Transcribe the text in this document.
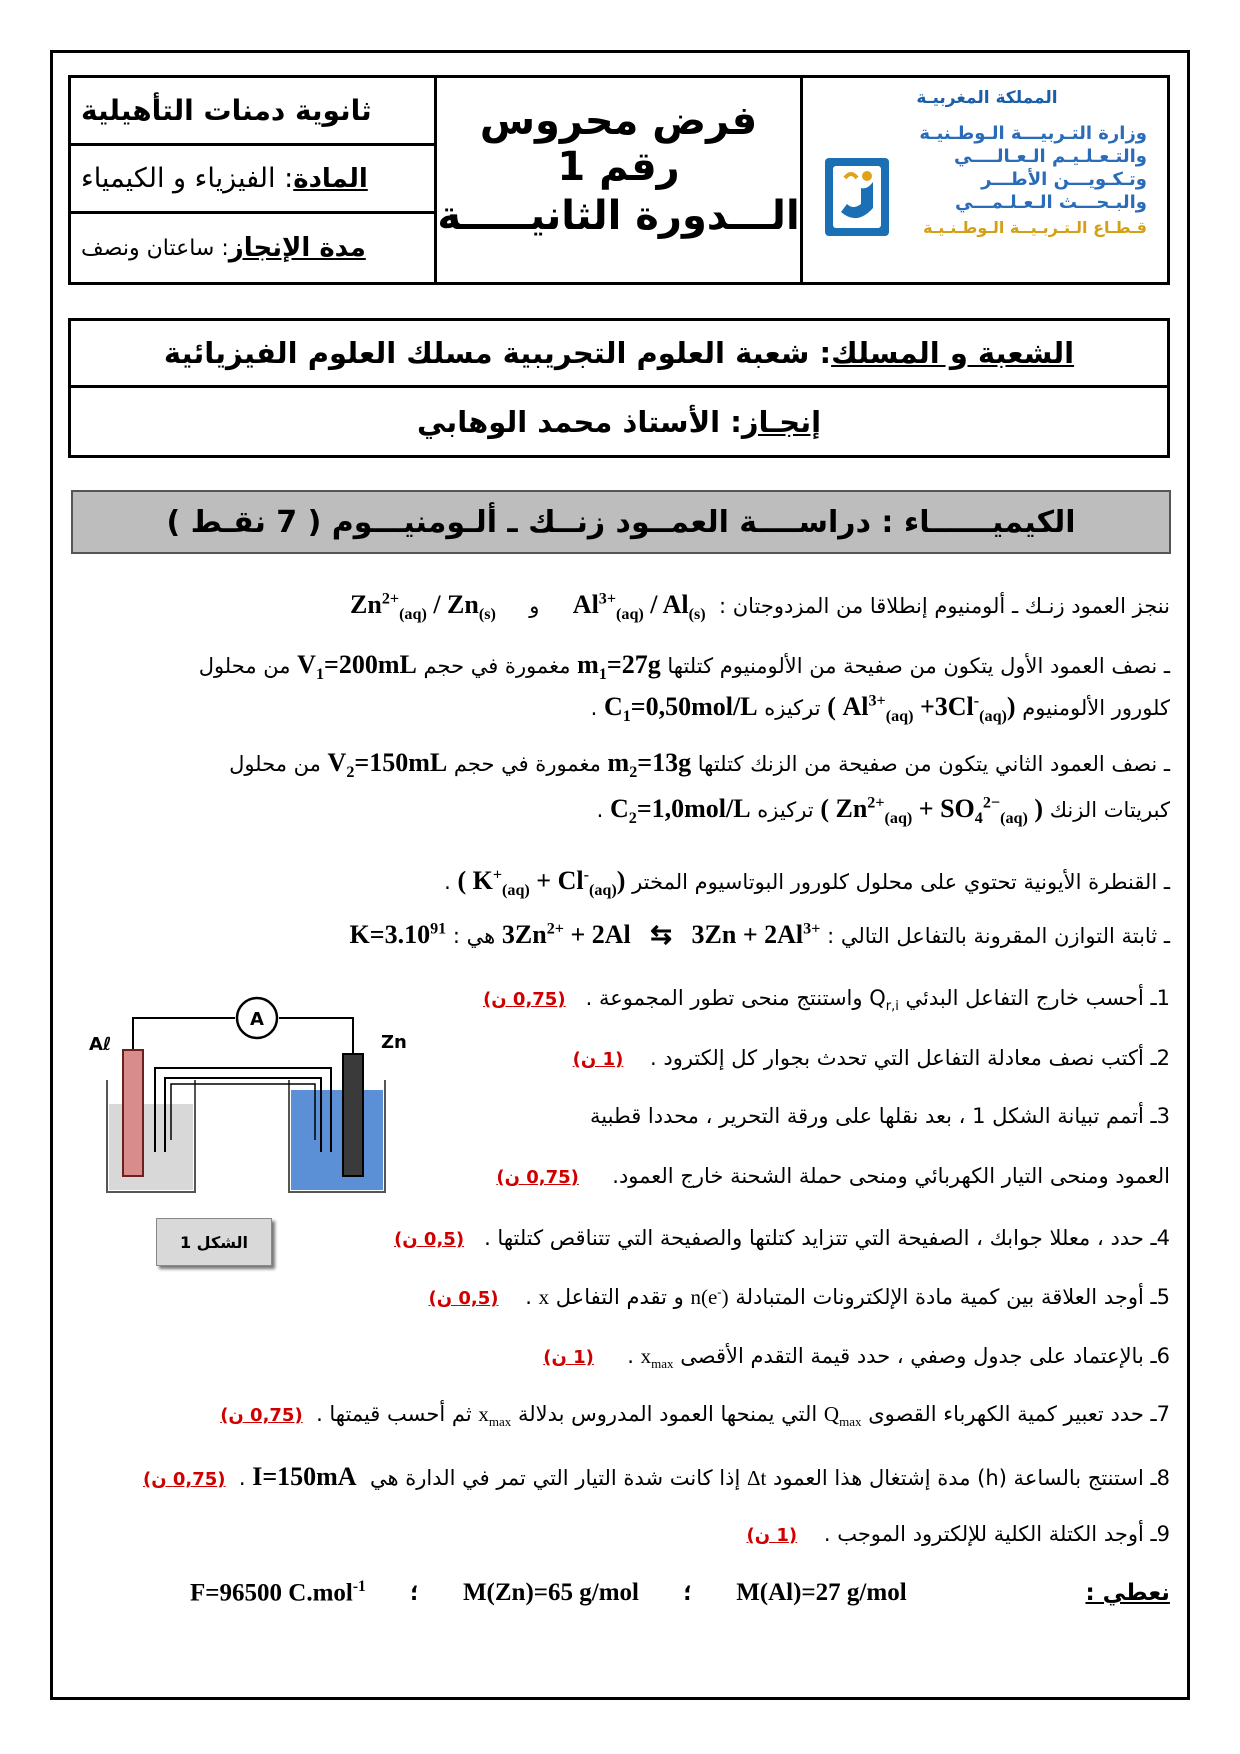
ثانوية دمنات التأهيلية
المادة
: الفيزياء و الكيمياء
مدة الإنجاز
: ساعتان ونصف
فرض محروس رقم 1
الـــدورة الثانيـــــة
المملكة المغربيـة
وزارة التـربيـــة الـوطـنيـة
والتـعـلـيـم الـعـالــــي
وتـكـويـــن الأطـــر
والبـحـــث الـعـلـمـــي
قـطـاع الـتـربـيــة الـوطـنـيـة
الشعبة و المسلك
: شعبة العلوم التجريبية مسلك العلوم الفيزيائية
إنجـاز
: الأستاذ محمد الوهابي
الكيميــــــاء : دراســــة العمــود زنــك ـ ألـومنيـــوم ( 7 نقـط )
ننجز العمود زنـك ـ ألومنيوم إنطلاقا من المزدوجتان :  $Al^{3+}_{(aq)} / Al_{(s)}$     و     $Zn^{2+}_{(aq)} / Zn_{(s)}$
ـ نصف العمود الأول يتكون من صفيحة من الألومنيوم كتلتها $m_1=27g$ مغمورة في حجم $V_1=200mL$ من محلول
كلورور الألومنيوم ($Al^{3+}_{(aq)} +3Cl^-_{(aq)}$ ) تركيزه $C_1=0,50mol/L$ .
ـ نصف العمود الثاني يتكون من صفيحة من الزنك كتلتها $m_2=13g$ مغمورة في حجم $V_2=150mL$ من محلول
كبريتات الزنك ( $Zn^{2+}_{(aq)} + SO_4^{2-}_{(aq)}$ ) تركيزه $C_2=1,0mol/L$ .
ـ القنطرة الأيونية تحتوي على محلول كلورور البوتاسيوم المختر ($K^+_{(aq)} + Cl^-_{(aq)}$ ) .
ـ ثابتة التوازن المقرونة بالتفاعل التالي : $3Zn^{2+} + 2Al$   ⇆   $3Zn + 2Al^{3+}$ هي : $K=3.10^{91}$
1ـ أحسب خارج التفاعل البدئي $Q_{r,i}$ واستنتج منحى تطور المجموعة .   (0,75 ن)
2ـ أكتب نصف معادلة التفاعل التي تحدث بجوار كل إلكترود .    (1 ن)
3ـ أتمم تبيانة الشكل 1 ، بعد نقلها على ورقة التحرير ، محددا قطبية
العمود ومنحى التيار الكهربائي ومنحى حملة الشحنة خارج العمود.     (0,75 ن)
4ـ حدد ، معللا جوابك ، الصفيحة التي تتزايد كتلتها والصفيحة التي تتناقص كتلتها .   (0,5 ن)
5ـ أوجد العلاقة بين كمية مادة الإلكترونات المتبادلة n(e-) و تقدم التفاعل x .    (0,5 ن)
6ـ بالإعتماد على جدول وصفي ، حدد قيمة التقدم الأقصى $x_{max}$ .     (1 ن)
7ـ حدد تعبير كمية الكهرباء القصوى $Q_{max}$ التي يمنحها العمود المدروس بدلالة $x_{max}$ ثم أحسب قيمتها .  (0,75 ن)
8ـ استنتج بالساعة (h) مدة إشتغال هذا العمود Δt إذا كانت شدة التيار التي تمر في الدارة هي  I=150mA .  (0,75 ن)
9ـ أوجد الكتلة الكلية للإلكترود الموجب .    (1 ن)
F=96500 C.mol$^{-1}$ ؛ M(Zn)=65 g/mol ؛ M(Al)=27 g/mol	نعطي :
A
Aℓ	Zn
الشكل 1
